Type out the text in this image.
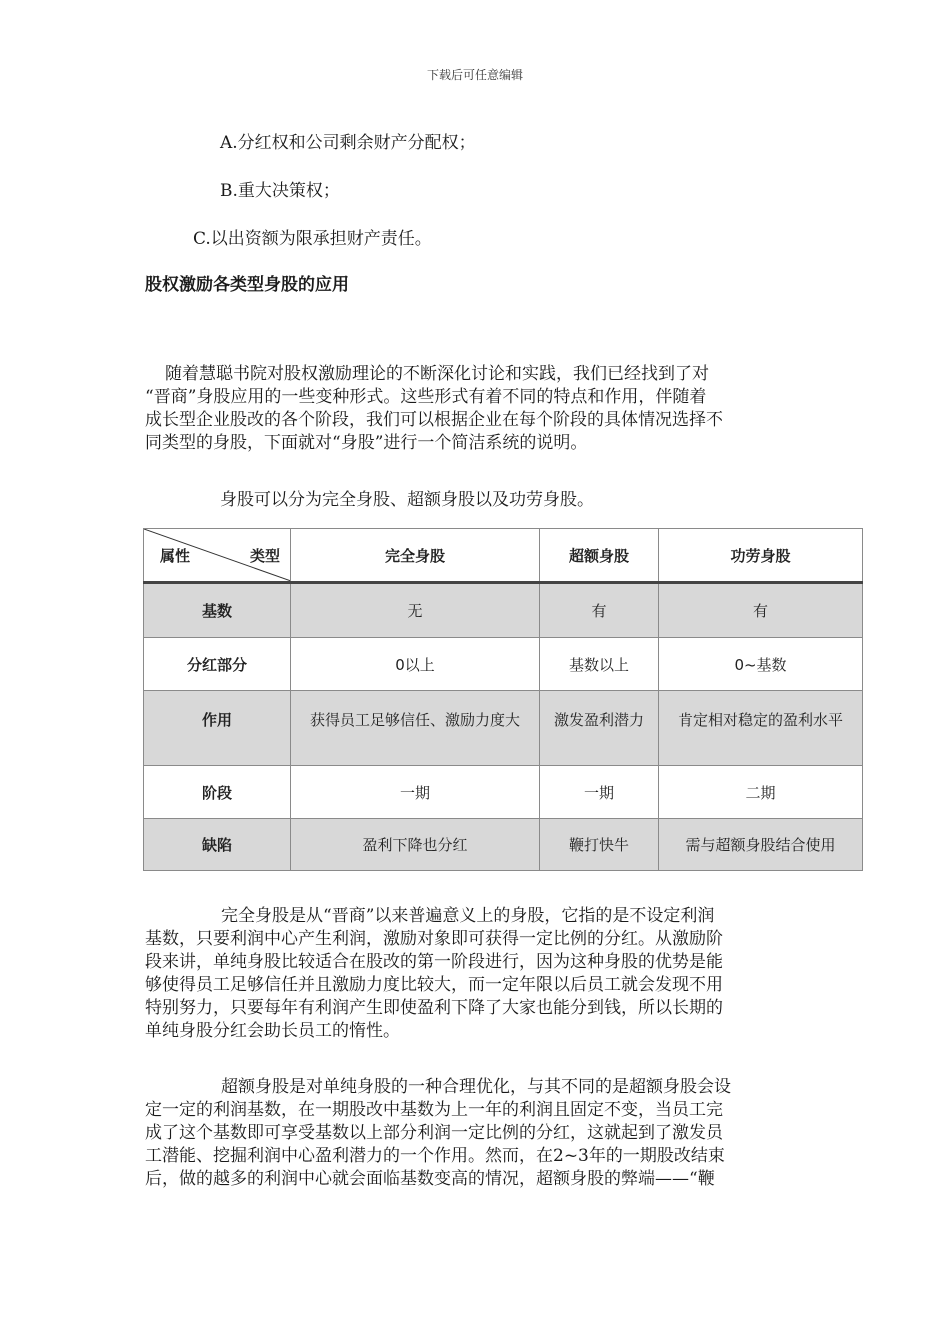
下载后可任意编辑
A.分红权和公司剩余财产分配权；
B.重大决策权；
C.以出资额为限承担财产责任。
股权激励各类型身股的应用

随着慧聪书院对股权激励理论的不断深化讨论和实践，我们已经找到了对

“晋商”身股应用的一些变种形式。这些形式有着不同的特点和作用，伴随着

成长型企业股改的各个阶段，我们可以根据企业在每个阶段的具体情况选择不

同类型的身股，下面就对“身股”进行一个简洁系统的说明。

身股可以分为完全身股、超额身股以及功劳身股。
属性 类型	完全身股	超额身股	功劳身股
基数	无	有	有
分红部分	0以上	基数以上	0~基数
作用	获得员工足够信任、激励力度大	激发盈利潜力	肯定相对稳定的盈利水平
阶段	一期	一期	二期
缺陷	盈利下降也分红	鞭打快牛	需与超额身股结合使用

完全身股是从“晋商”以来普遍意义上的身股，它指的是不设定利润

基数，只要利润中心产生利润，激励对象即可获得一定比例的分红。从激励阶

段来讲，单纯身股比较适合在股改的第一阶段进行，因为这种身股的优势是能

够使得员工足够信任并且激励力度比较大，而一定年限以后员工就会发现不用

特别努力，只要每年有利润产生即使盈利下降了大家也能分到钱，所以长期的

单纯身股分红会助长员工的惰性。

超额身股是对单纯身股的一种合理优化，与其不同的是超额身股会设

定一定的利润基数，在一期股改中基数为上一年的利润且固定不变，当员工完

成了这个基数即可享受基数以上部分利润一定比例的分红，这就起到了激发员

工潜能、挖掘利润中心盈利潜力的一个作用。然而，在2~3年的一期股改结束

后，做的越多的利润中心就会面临基数变高的情况，超额身股的弊端——“鞭
